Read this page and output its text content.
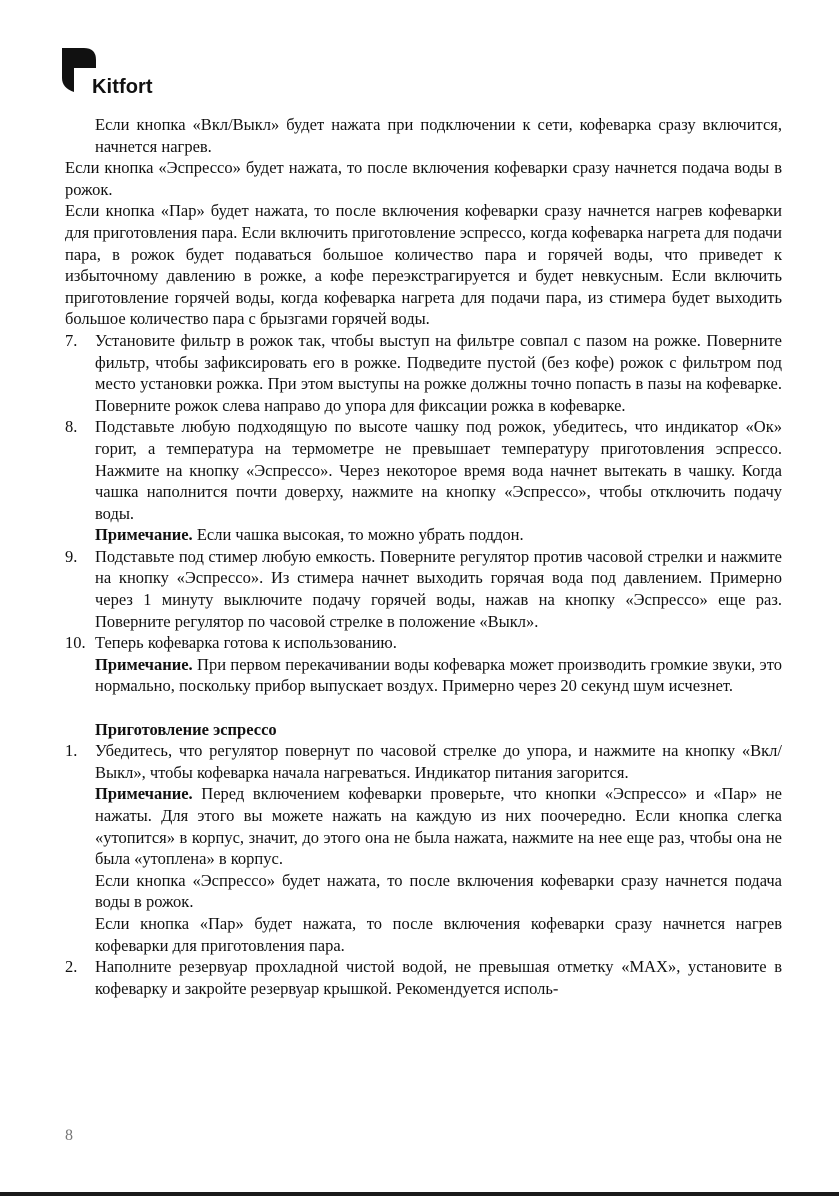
Kitfort

Если кнопка «Вкл/Выкл» будет нажата при подключении к сети, кофеварка сразу включится, начнется нагрев.

Если кнопка «Эспрессо» будет нажата, то после включения кофеварки сразу начнется подача воды в рожок.

Если кнопка «Пар» будет нажата, то после включения кофеварки сразу начнется нагрев кофеварки для приготовления пара. Если включить приготовление эспрессо, когда кофеварка нагрета для подачи пара, в рожок будет подаваться большое количество пара и горячей воды, что приведет к избыточному давлению в рожке, а кофе переэкстрагируется и будет невкусным. Если включить приготовление горячей воды, когда кофеварка нагрета для подачи пара, из стимера будет выходить большое количество пара с брызгами горячей воды.

7.	Установите фильтр в рожок так, чтобы выступ на фильтре совпал с пазом на рожке. Поверните фильтр, чтобы зафиксировать его в рожке. Подведите пустой (без кофе) рожок с фильтром под место установки рожка. При этом выступы на рожке должны точно попасть в пазы на кофеварке. Поверните рожок слева направо до упора для фиксации рожка в кофеварке.
8.	Подставьте любую подходящую по высоте чашку под рожок, убедитесь, что индикатор «Ок» горит, а температура на термометре не превышает температуру приготовления эспрессо. Нажмите на кнопку «Эспрессо». Через некоторое время вода начнет вытекать в чашку. Когда чашка наполнится почти доверху, нажмите на кнопку «Эспрессо», чтобы отключить подачу воды.
Примечание. Если чашка высокая, то можно убрать поддон.
9.	Подставьте под стимер любую емкость. Поверните регулятор против часовой стрелки и нажмите на кнопку «Эспрессо». Из стимера начнет выходить горячая вода под давлением. Примерно через 1 минуту выключите подачу горячей воды, нажав на кнопку «Эспрессо» еще раз. Поверните регулятор по часовой стрелке в положение «Выкл».
10. Теперь кофеварка готова к использованию.
Примечание. При первом перекачивании воды кофеварка может производить громкие звуки, это нормально, поскольку прибор выпускает воздух. Примерно через 20 секунд шум исчезнет.
Приготовление эспрессо
1.	Убедитесь, что регулятор повернут по часовой стрелке до упора, и нажмите на кнопку «Вкл/Выкл», чтобы кофеварка начала нагреваться. Индикатор питания загорится.
Примечание. Перед включением кофеварки проверьте, что кнопки «Эспрессо» и «Пар» не нажаты. Для этого вы можете нажать на каждую из них поочередно. Если кнопка слегка «утопится» в корпус, значит, до этого она не была нажата, нажмите на нее еще раз, чтобы она не была «утоплена» в корпус.
Если кнопка «Эспрессо» будет нажата, то после включения кофеварки сразу начнется подача воды в рожок.
Если кнопка «Пар» будет нажата, то после включения кофеварки сразу начнется нагрев кофеварки для приготовления пара.
2.	Наполните резервуар прохладной чистой водой, не превышая отметку «MAX», установите в кофеварку и закройте резервуар крышкой. Рекомендуется исполь-
8
